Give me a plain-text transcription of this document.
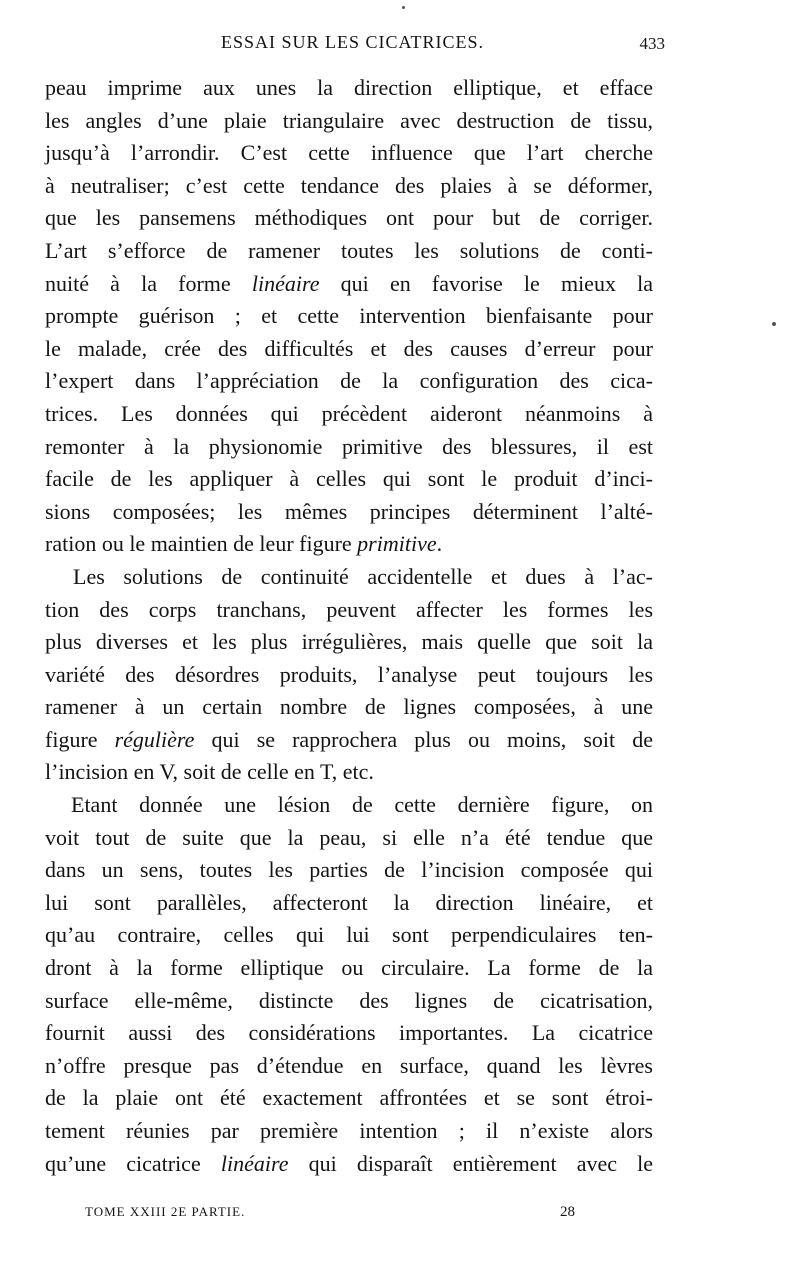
ESSAI SUR LES CICATRICES.	433
peau imprime aux unes la direction elliptique, et efface
les angles d’une plaie triangulaire avec destruction de tissu,
jusqu’à l’arrondir. C’est cette influence que l’art cherche
à neutraliser; c’est cette tendance des plaies à se déformer,
que les pansemens méthodiques ont pour but de corriger.
L’art s’efforce de ramener toutes les solutions de conti-
nuité à la forme linéaire qui en favorise le mieux la
prompte guérison ; et cette intervention bienfaisante pour
le malade, crée des difficultés et des causes d’erreur pour
l’expert dans l’appréciation de la configuration des cica-
trices. Les données qui précèdent aideront néanmoins à
remonter à la physionomie primitive des blessures, il est
facile de les appliquer à celles qui sont le produit d’inci-
sions composées; les mêmes principes déterminent l’alté-
ration ou le maintien de leur figure primitive.
Les solutions de continuité accidentelle et dues à l’ac-
tion des corps tranchans, peuvent affecter les formes les
plus diverses et les plus irrégulières, mais quelle que soit la
variété des désordres produits, l’analyse peut toujours les
ramener à un certain nombre de lignes composées, à une
figure régulière qui se rapprochera plus ou moins, soit de
l’incision en V, soit de celle en T, etc.
Etant donnée une lésion de cette dernière figure, on
voit tout de suite que la peau, si elle n’a été tendue que
dans un sens, toutes les parties de l’incision composée qui
lui sont parallèles, affecteront la direction linéaire, et
qu’au contraire, celles qui lui sont perpendiculaires ten-
dront à la forme elliptique ou circulaire. La forme de la
surface elle-même, distincte des lignes de cicatrisation,
fournit aussi des considérations importantes. La cicatrice
n’offre presque pas d’étendue en surface, quand les lèvres
de la plaie ont été exactement affrontées et se sont étroi-
tement réunies par première intention ; il n’existe alors
qu’une cicatrice linéaire qui disparaît entièrement avec le
TOME XXIII 2E PARTIE.	28
